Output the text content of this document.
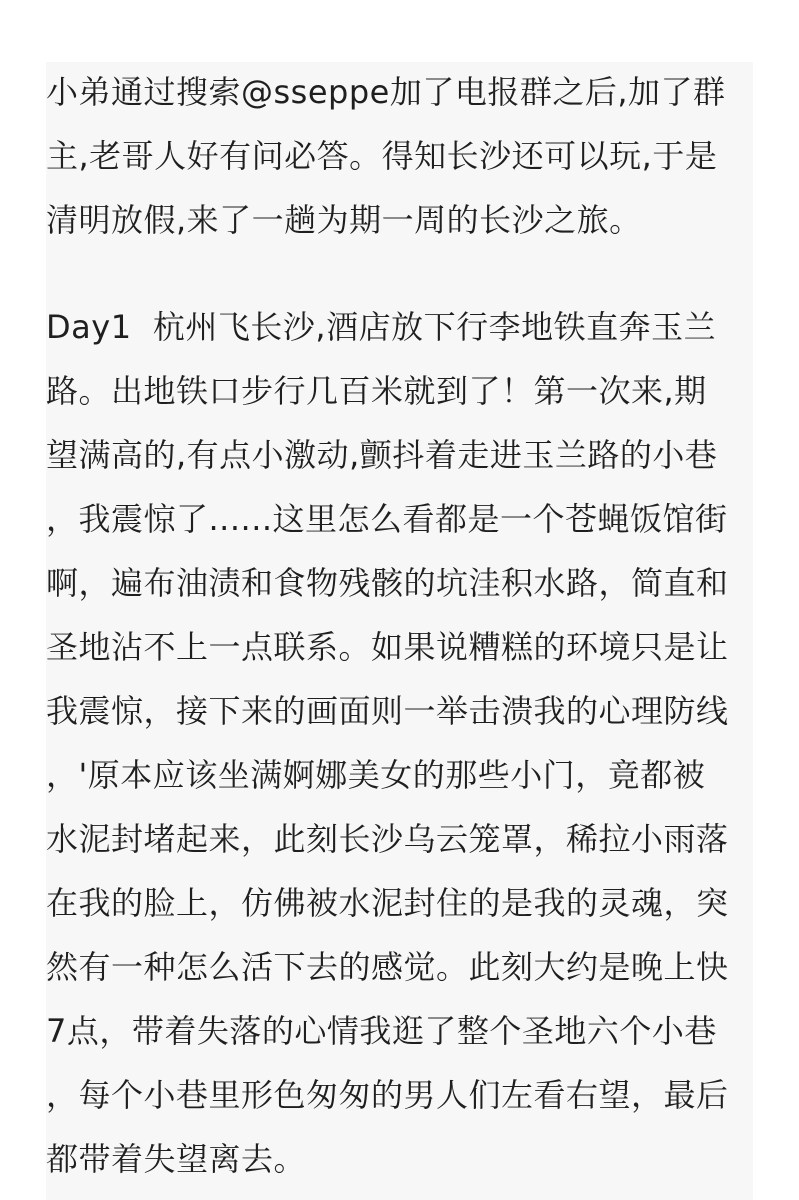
小弟通过搜索@sseppe加了电报群之后,加了群
主,老哥人好有问必答。得知长沙还可以玩,于是
清明放假,来了一趟为期一周的长沙之旅。
Day1  杭州飞长沙,酒店放下行李地铁直奔玉兰
路。出地铁口步行几百米就到了！第一次来,期
望满高的,有点小激动,颤抖着走进玉兰路的小巷
，我震惊了......这里怎么看都是一个苍蝇饭馆街
啊，遍布油渍和食物残骸的坑洼积水路，简直和
圣地沾不上一点联系。如果说糟糕的环境只是让
我震惊，接下来的画面则一举击溃我的心理防线
，'原本应该坐满婀娜美女的那些小门，竟都被
水泥封堵起来，此刻长沙乌云笼罩，稀拉小雨落
在我的脸上，仿佛被水泥封住的是我的灵魂，突
然有一种怎么活下去的感觉。此刻大约是晚上快
7点，带着失落的心情我逛了整个圣地六个小巷
，每个小巷里形色匆匆的男人们左看右望，最后
都带着失望离去。
